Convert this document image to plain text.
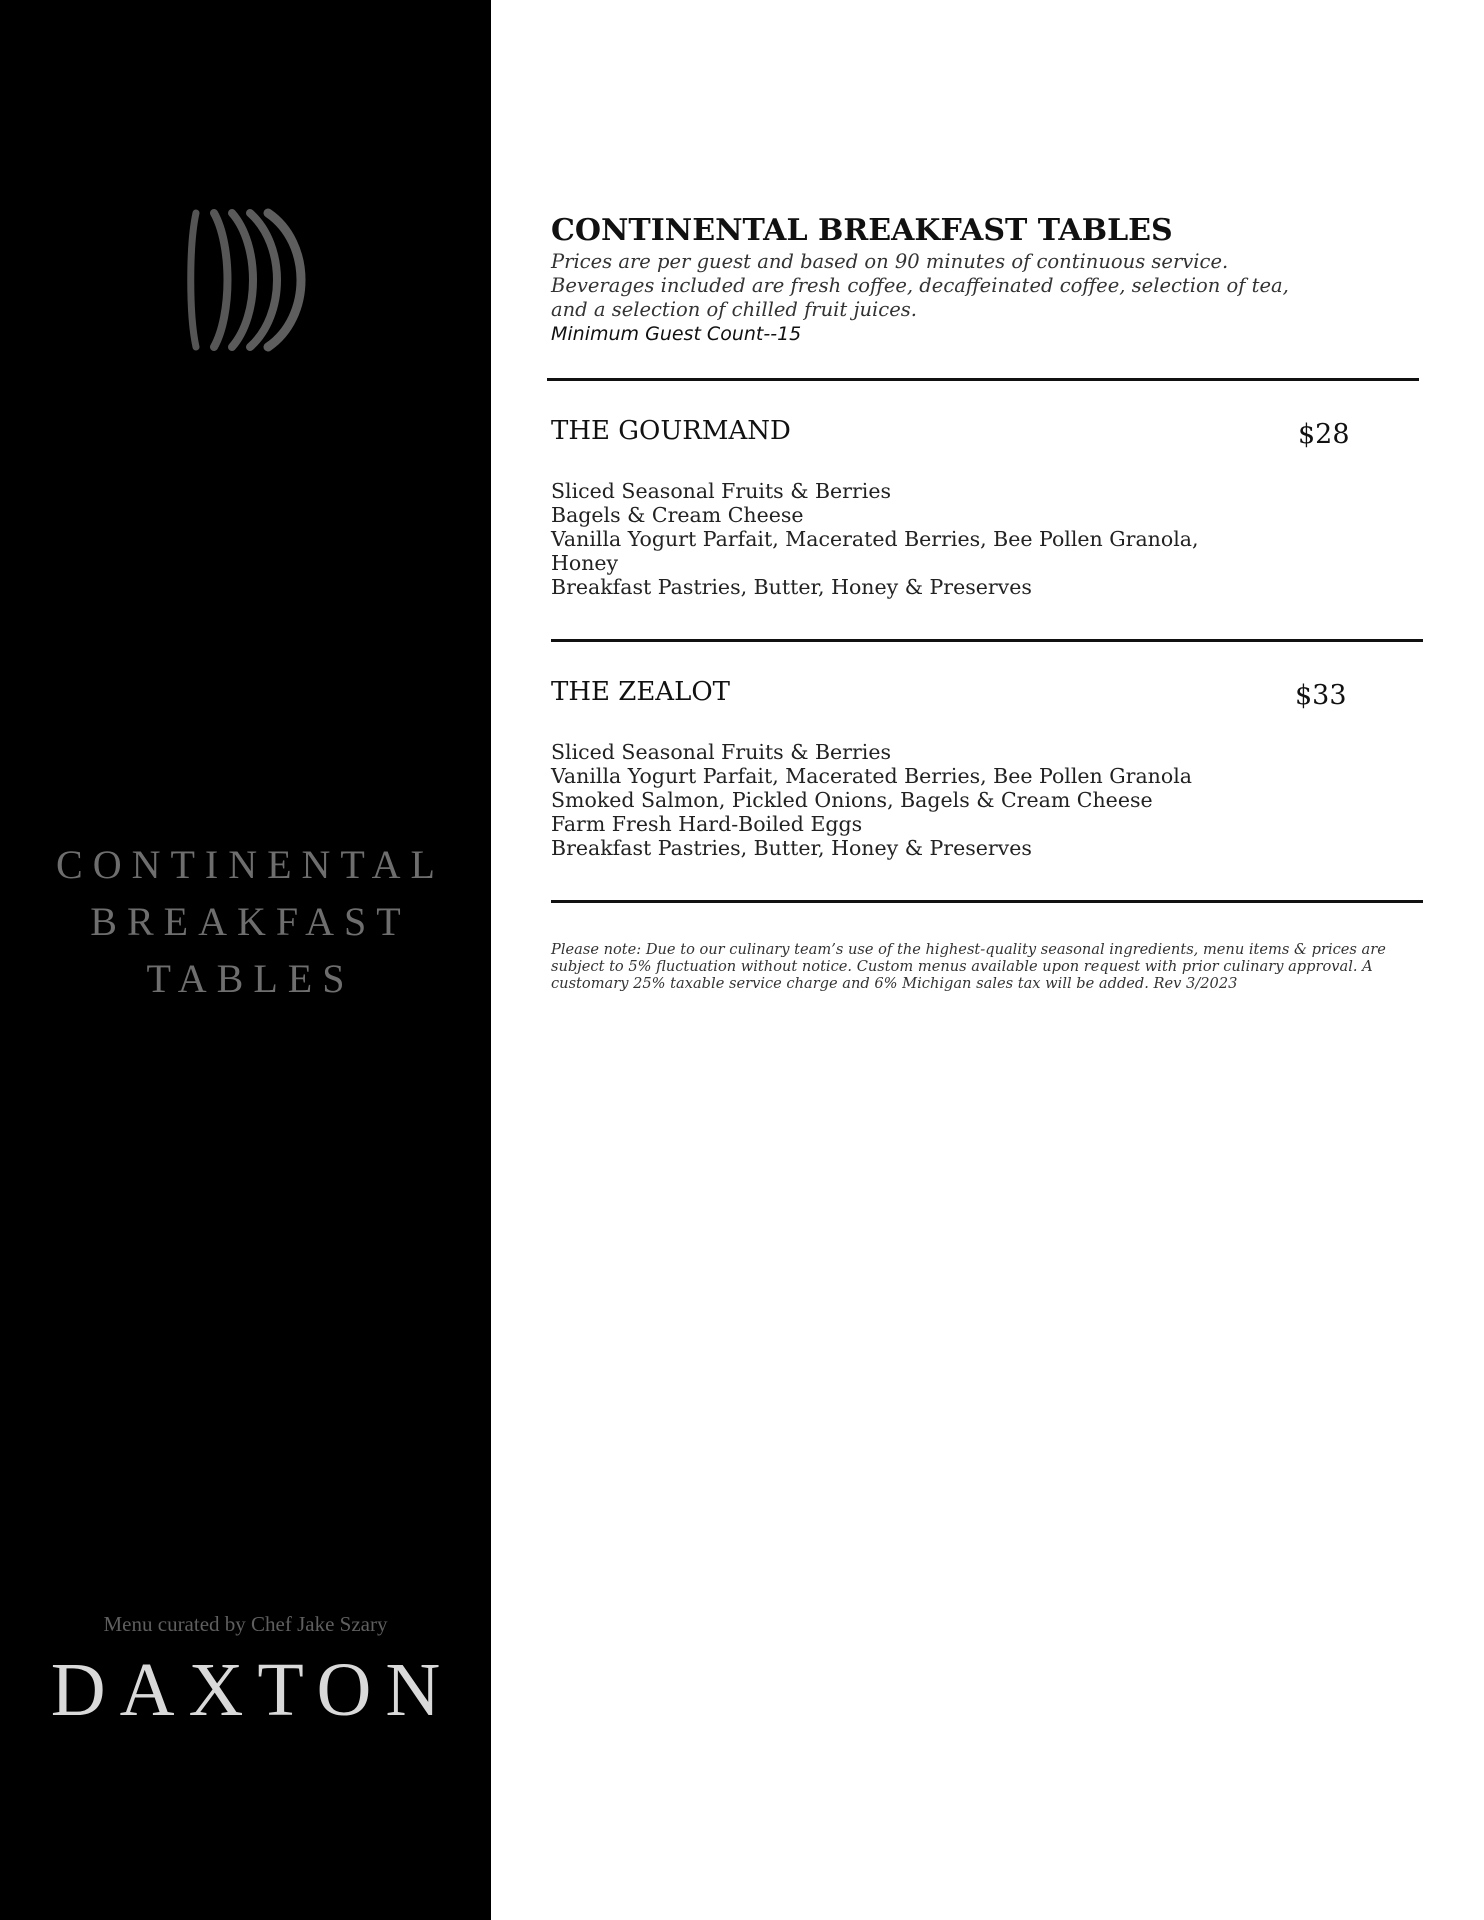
CONTINENTAL
BREAKFAST
TABLES
Menu curated by Chef Jake Szary
DAXTON
CONTINENTAL BREAKFAST TABLES
Prices are per guest and based on 90 minutes of continuous service.
Beverages included are fresh coffee, decaffeinated coffee, selection of tea,
and a selection of chilled fruit juices.
Minimum Guest Count--15
THE GOURMAND	$28
Sliced Seasonal Fruits & Berries
Bagels & Cream Cheese
Vanilla Yogurt Parfait, Macerated Berries, Bee Pollen Granola,
Honey
Breakfast Pastries, Butter, Honey & Preserves
THE ZEALOT	$33
Sliced Seasonal Fruits & Berries
Vanilla Yogurt Parfait, Macerated Berries, Bee Pollen Granola
Smoked Salmon, Pickled Onions, Bagels & Cream Cheese
Farm Fresh Hard-Boiled Eggs
Breakfast Pastries, Butter, Honey & Preserves
Please note: Due to our culinary team’s use of the highest-quality seasonal ingredients, menu items & prices are subject to 5% fluctuation without notice. Custom menus available upon request with prior culinary approval. A customary 25% taxable service charge and 6% Michigan sales tax will be added. Rev 3/2023
